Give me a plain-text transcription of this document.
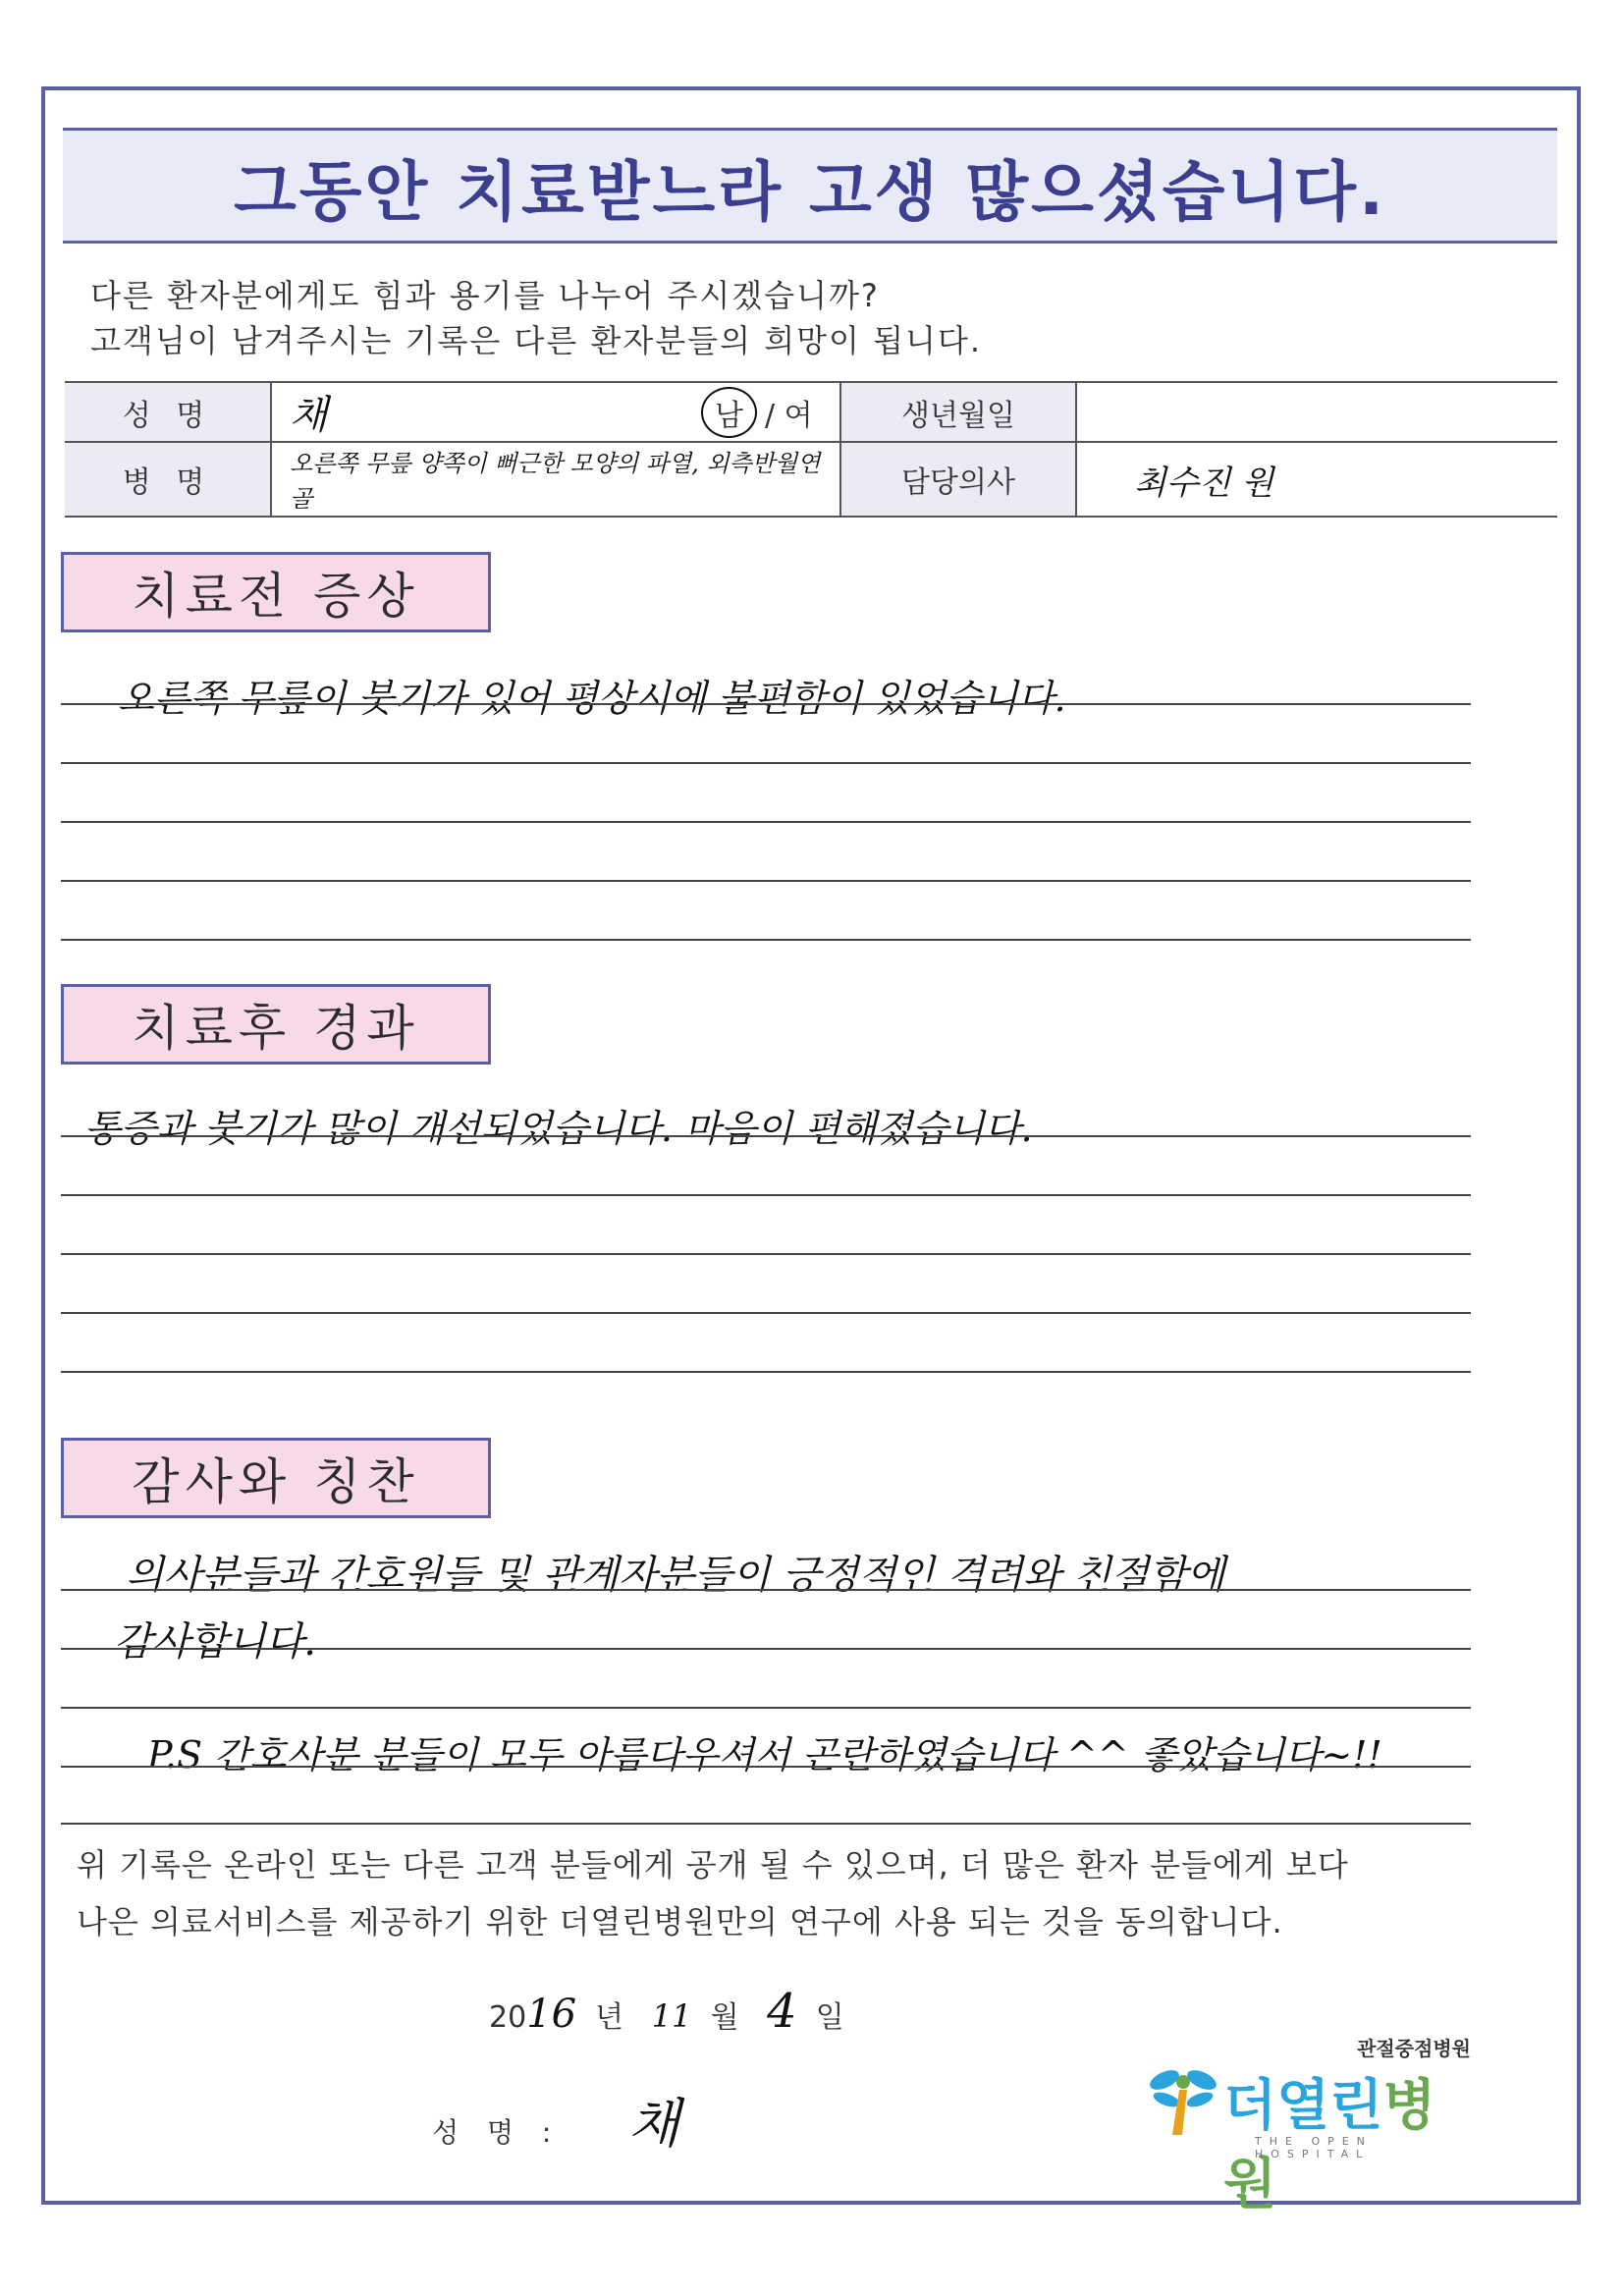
그동안 치료받느라 고생 많으셨습니다.
다른 환자분에게도 힘과 용기를 나누어 주시겠습니까?
고객님이 남겨주시는 기록은 다른 환자분들의 희망이 됩니다.
성 명	채	남 / 여	생년월일	
병 명	오른쪽 무릎 양쪽이 뻐근한 모양의 파열, 외측반월연골		담당의사	최수진 원
치료전 증상
오른쪽 무릎이 붓기가 있어 평상시에 불편함이 있었습니다.
치료후 경과
통증과 붓기가 많이 개선되었습니다. 마음이 편해졌습니다.
감사와 칭찬
의사분들과 간호원들 및 관계자분들이 긍정적인 격려와 친절함에
감사합니다.
P.S 간호사분 분들이 모두 아름다우셔서 곤란하였습니다 ^^ 좋았습니다~!!
위 기록은 온라인 또는 다른 고객 분들에게 공개 될 수 있으며, 더 많은 환자 분들에게 보다
나은 의료서비스를 제공하기 위한 더열린병원만의 연구에 사용 되는 것을 동의합니다.
2016 년 11 월 4 일
성 명 : 채
관절중점병원
더열린병원
THE OPEN HOSPITAL
